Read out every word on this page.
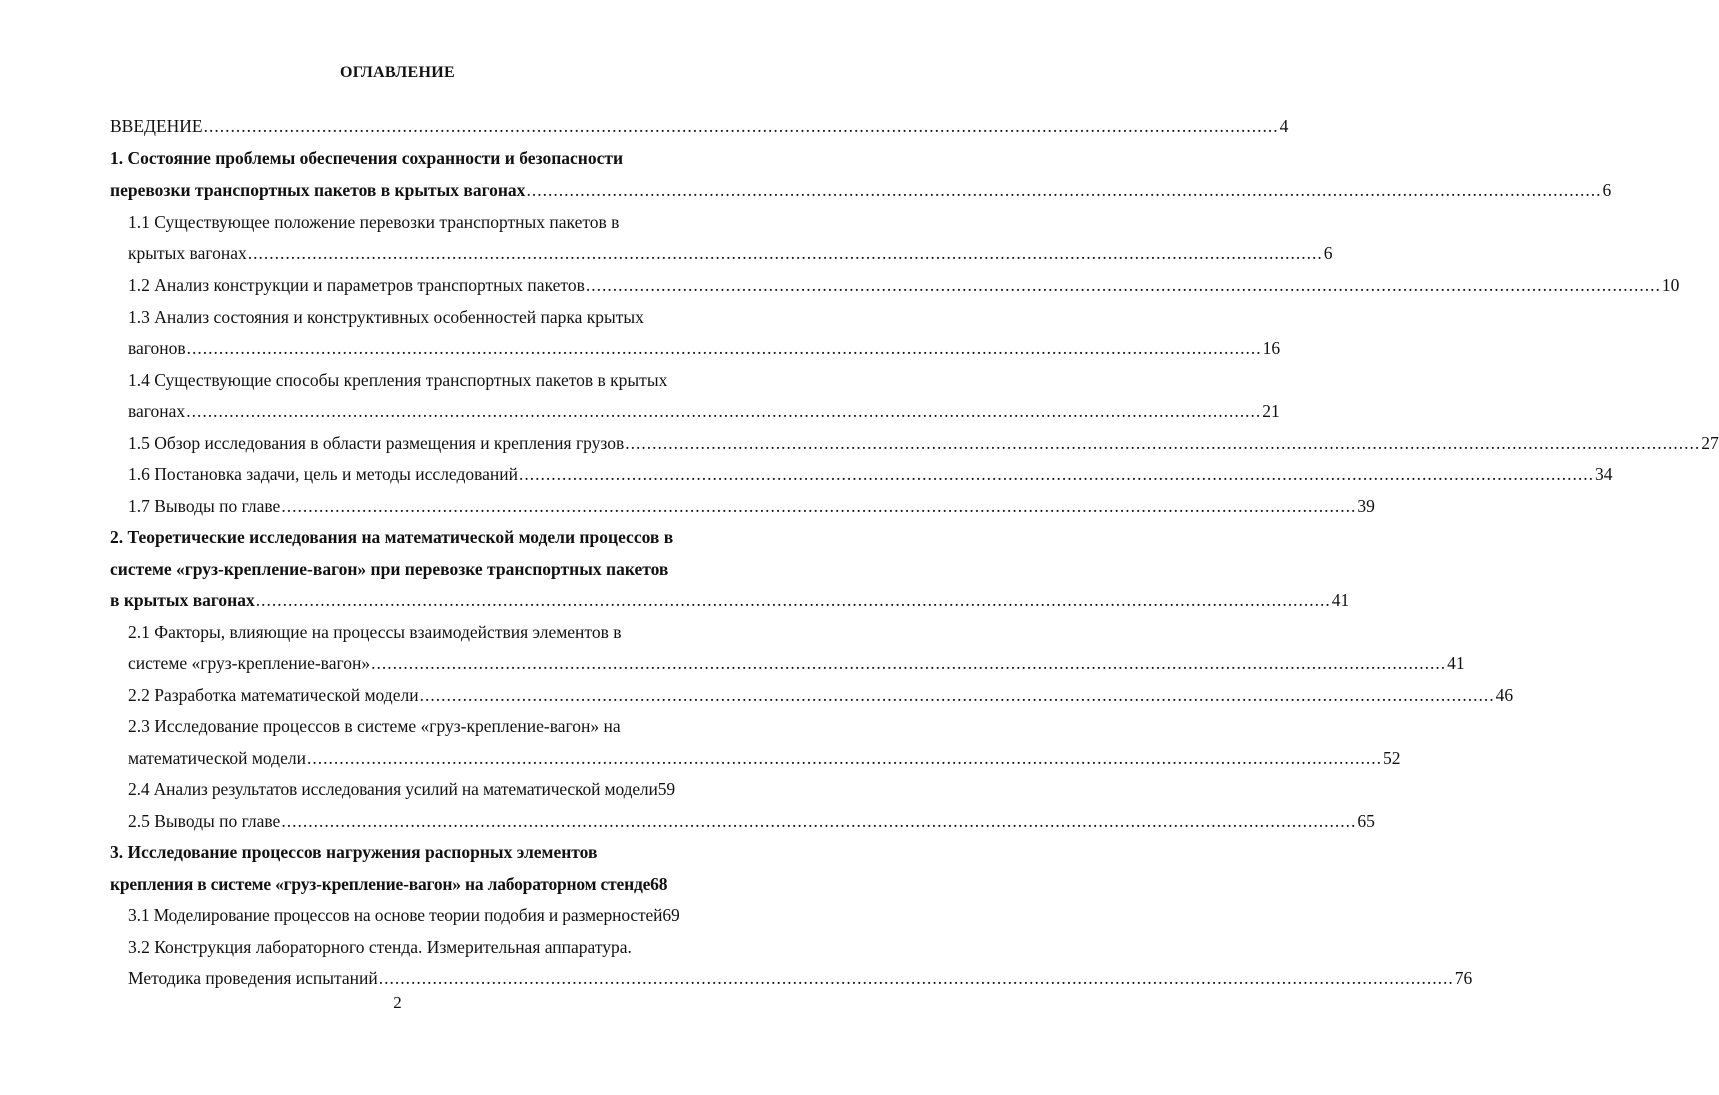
ОГЛАВЛЕНИЕ
ВВЕДЕНИЕ ........................................................................................................................................................................................................ 4
1. Состояние проблемы обеспечения сохранности и безопасности
перевозки транспортных пакетов в крытых вагонах ........................................................................................................................................................................................................ 6
1.1 Существующее положение перевозки транспортных пакетов в
крытых вагонах ........................................................................................................................................................................................................ 6
1.2 Анализ конструкции и параметров транспортных пакетов ........................................................................................................................................................................................................ 10
1.3 Анализ состояния и конструктивных особенностей парка крытых
вагонов ........................................................................................................................................................................................................ 16
1.4 Существующие способы крепления транспортных пакетов в крытых
вагонах ........................................................................................................................................................................................................ 21
1.5 Обзор исследования в области размещения и крепления грузов ........................................................................................................................................................................................................ 27
1.6 Постановка задачи, цель и методы исследований ........................................................................................................................................................................................................ 34
1.7 Выводы по главе ........................................................................................................................................................................................................ 39
2. Теоретические исследования на математической модели процессов в
системе «груз-крепление-вагон» при перевозке транспортных пакетов
в крытых вагонах ........................................................................................................................................................................................................ 41
2.1 Факторы, влияющие на процессы взаимодействия элементов в
системе «груз-крепление-вагон» ........................................................................................................................................................................................................ 41
2.2 Разработка математической модели ........................................................................................................................................................................................................ 46
2.3 Исследование процессов в системе «груз-крепление-вагон» на
математической модели ........................................................................................................................................................................................................ 52
2.4 Анализ результатов исследования усилий на математической модели59
2.5 Выводы по главе ........................................................................................................................................................................................................ 65
3. Исследование процессов нагружения распорных элементов
крепления в системе «груз-крепление-вагон» на лабораторном стенде68
3.1 Моделирование процессов на основе теории подобия и размерностей69
3.2 Конструкция лабораторного стенда. Измерительная аппаратура.
Методика проведения испытаний ........................................................................................................................................................................................................ 76
2
